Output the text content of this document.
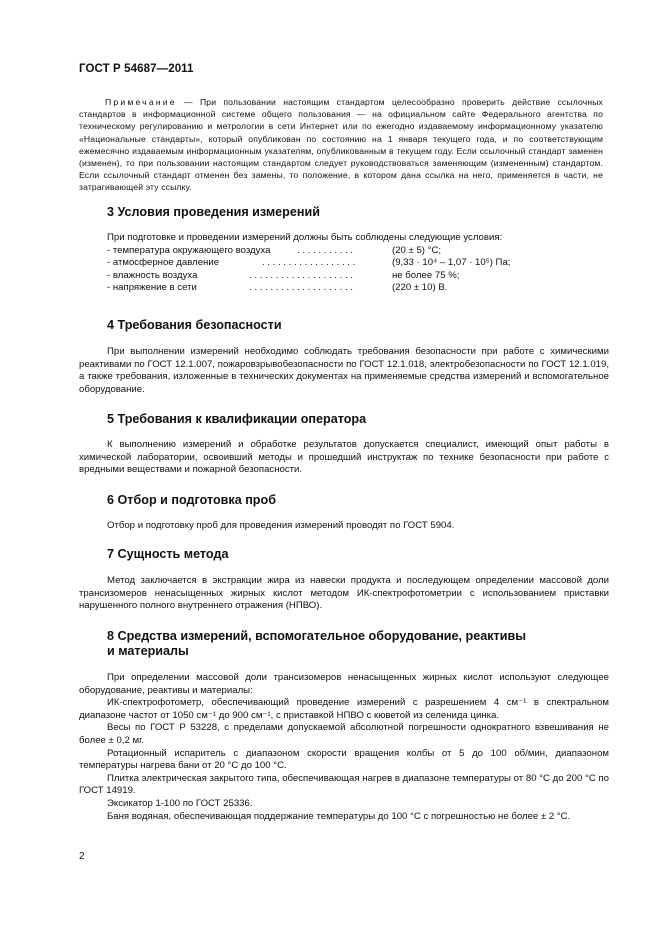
ГОСТ Р 54687—2011

Примечание — При пользовании настоящим стандартом целесообразно проверить действие ссылочных стандартов в информационной системе общего пользования — на официальном сайте Федерального агентства по техническому регулированию и метрологии в сети Интернет или по ежегодно издаваемому информационному указателю «Национальные стандарты», который опубликован по состоянию на 1 января текущего года, и по соответствующим ежемесячно издаваемым информационным указателям, опубликованным в текущем году. Если ссылочный стандарт заменен (изменен), то при пользовании настоящим стандартом следует руководствоваться заменяющим (измененным) стандартом. Если ссылочный стандарт отменен без замены, то положение, в котором дана ссылка на него, применяется в части, не затрагивающей эту ссылку.

3 Условия проведения измерений

При подготовке и проведении измерений должны быть соблюдены следующие условия:

- температура окружающего воздуха	. . . . . . . . . . .	(20 ± 5) °С;
- атмосферное давление	. . . . . . . . . . . . . . . . . .	(9,33 · 10⁴ – 1,07 · 10⁵) Па;
- влажность воздуха	. . . . . . . . . . . . . . . . . . . .	не более 75 %;
- напряжение в сети	. . . . . . . . . . . . . . . . . . . .	(220 ± 10) В.
4 Требования безопасности

При выполнении измерений необходимо соблюдать требования безопасности при работе с химическими реактивами по ГОСТ 12.1.007, пожаровзрывобезопасности по ГОСТ 12.1.018, электробезопасности по ГОСТ 12.1.019, а также требования, изложенные в технических документах на применяемые средства измерений и вспомогательное оборудование.

5 Требования к квалификации оператора

К выполнению измерений и обработке результатов допускается специалист, имеющий опыт работы в химической лаборатории, освоивший методы и прошедший инструктаж по технике безопасности при работе с вредными веществами и пожарной безопасности.

6 Отбор и подготовка проб

Отбор и подготовку проб для проведения измерений проводят по ГОСТ 5904.

7 Сущность метода

Метод заключается в экстракции жира из навески продукта и последующем определении массовой доли трансизомеров ненасыщенных жирных кислот методом ИК-спектрофотометрии с использованием приставки нарушенного полного внутреннего отражения (НПВО).

8 Средства измерений, вспомогательное оборудование, реактивы
и материалы

При определении массовой доли трансизомеров ненасыщенных жирных кислот используют следующее оборудование, реактивы и материалы:

ИК-спектрофотометр, обеспечивающий проведение измерений с разрешением 4 см⁻¹ в спектральном диапазоне частот от 1050 см⁻¹ до 900 см⁻¹, с приставкой НПВО с кюветой из селенида цинка.

Весы по ГОСТ Р 53228, с пределами допускаемой абсолютной погрешности однократного взвешивания не более ± 0,2 мг.

Ротационный испаритель с диапазоном скорости вращения колбы от 5 до 100 об/мин, диапазоном температуры нагрева бани от 20 °С до 100 °С.

Плитка электрическая закрытого типа, обеспечивающая нагрев в диапазоне температуры от 80 °С до 200 °С по ГОСТ 14919.

Эксикатор 1-100 по ГОСТ 25336.

Баня водяная, обеспечивающая поддержание температуры до 100 °С с погрешностью не более ± 2 °С.

2
